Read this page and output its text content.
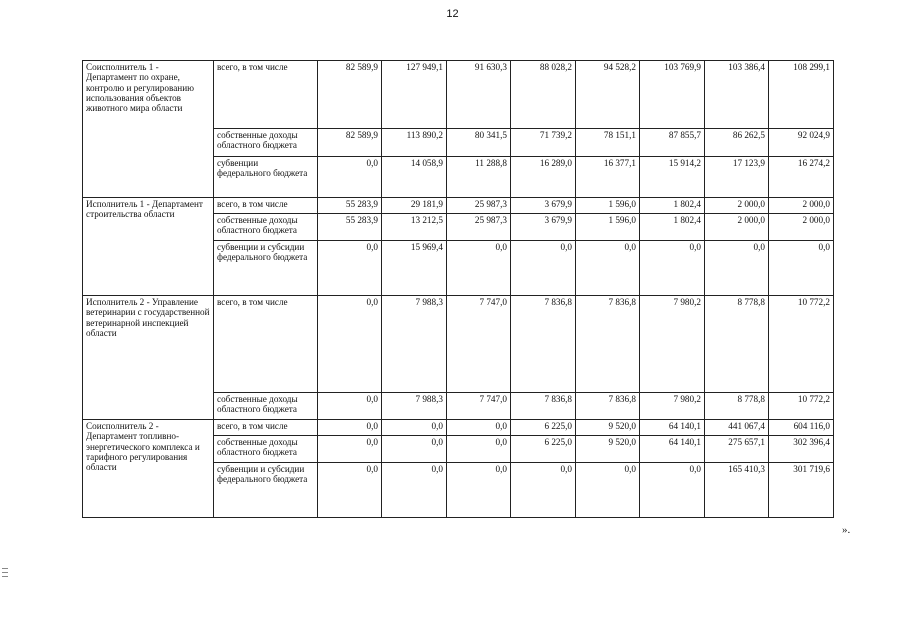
12
Соисполнитель 1 - Департамент по охране, контролю и регулированию использования объектов животного мира области	всего, в том числе	82 589,9	127 949,1	91 630,3	88 028,2	94 528,2	103 769,9	103 386,4	108 299,1
	собственные доходы областного бюджета	82 589,9	113 890,2	80 341,5	71 739,2	78 151,1	87 855,7	86 262,5	92 024,9
	субвенции федерального бюджета	0,0	14 058,9	11 288,8	16 289,0	16 377,1	15 914,2	17 123,9	16 274,2
Исполнитель 1 - Департамент строительства области	всего, в том числе	55 283,9	29 181,9	25 987,3	3 679,9	1 596,0	1 802,4	2 000,0	2 000,0
	собственные доходы областного бюджета	55 283,9	13 212,5	25 987,3	3 679,9	1 596,0	1 802,4	2 000,0	2 000,0
	субвенции и субсидии федерального бюджета	0,0	15 969,4	0,0	0,0	0,0	0,0	0,0	0,0
Исполнитель 2 - Управление ветеринарии с государственной ветеринарной инспекцией области	всего, в том числе	0,0	7 988,3	7 747,0	7 836,8	7 836,8	7 980,2	8 778,8	10 772,2
	собственные доходы областного бюджета	0,0	7 988,3	7 747,0	7 836,8	7 836,8	7 980,2	8 778,8	10 772,2
Соисполнитель 2 - Департамент топливно-энергетического комплекса и тарифного регулирования области	всего, в том числе	0,0	0,0	0,0	6 225,0	9 520,0	64 140,1	441 067,4	604 116,0
	собственные доходы областного бюджета	0,0	0,0	0,0	6 225,0	9 520,0	64 140,1	275 657,1	302 396,4
	субвенции и субсидии федерального бюджета	0,0	0,0	0,0	0,0	0,0	0,0	165 410,3	301 719,6
».
